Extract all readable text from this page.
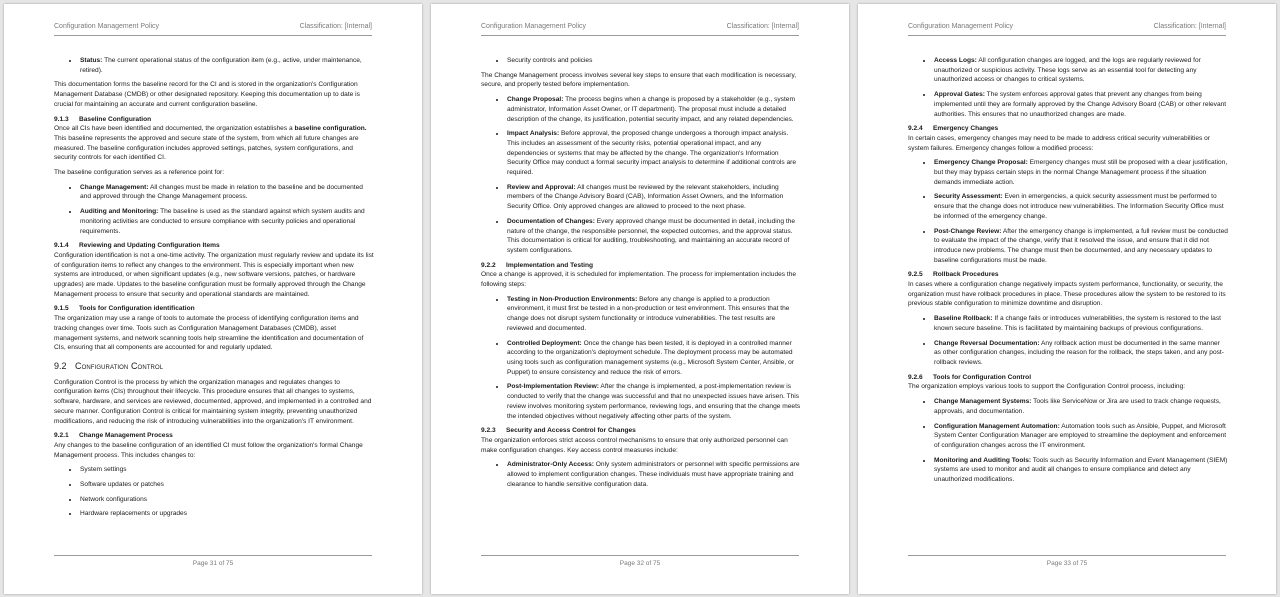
Configuration Management Policy	Classification: [Internal]
• Status: The current operational status of the configuration item (e.g., active, under maintenance, retired).

This documentation forms the baseline record for the CI and is stored in the organization's Configuration Management Database (CMDB) or other designated repository. Keeping this documentation up to date is crucial for maintaining an accurate and current configuration baseline.

9.1.3 Baseline Configuration

Once all CIs have been identified and documented, the organization establishes a baseline configuration. This baseline represents the approved and secure state of the system, from which all future changes are measured. The baseline configuration includes approved settings, patches, system configurations, and security controls for each identified CI.

The baseline configuration serves as a reference point for:

• Change Management: All changes must be made in relation to the baseline and be documented and approved through the Change Management process.
• Auditing and Monitoring: The baseline is used as the standard against which system audits and monitoring activities are conducted to ensure compliance with security policies and operational requirements.
9.1.4 Reviewing and Updating Configuration Items

Configuration identification is not a one-time activity. The organization must regularly review and update its list of configuration items to reflect any changes to the environment. This is especially important when new systems are introduced, or when significant updates (e.g., new software versions, patches, or hardware upgrades) are made. Updates to the baseline configuration must be formally approved through the Change Management process to ensure that security and operational standards are maintained.

9.1.5 Tools for Configuration identification

The organization may use a range of tools to automate the process of identifying configuration items and tracking changes over time. Tools such as Configuration Management Databases (CMDB), asset management systems, and network scanning tools help streamline the identification and documentation of CIs, ensuring that all components are accounted for and regularly updated.

9.2 Configuration Control

Configuration Control is the process by which the organization manages and regulates changes to configuration items (CIs) throughout their lifecycle. This procedure ensures that all changes to systems, software, hardware, and services are reviewed, documented, approved, and implemented in a controlled and secure manner. Configuration Control is critical for maintaining system integrity, preventing unauthorized modifications, and reducing the risk of introducing vulnerabilities into the organization's IT environment.

9.2.1 Change Management Process

Any changes to the baseline configuration of an identified CI must follow the organization's formal Change Management process. This includes changes to:

• System settings
• Software updates or patches
• Network configurations
• Hardware replacements or upgrades
Page 31 of 75
Configuration Management Policy	Classification: [Internal]
• Security controls and policies

The Change Management process involves several key steps to ensure that each modification is necessary, secure, and properly tested before implementation.

• Change Proposal: The process begins when a change is proposed by a stakeholder (e.g., system administrator, Information Asset Owner, or IT department). The proposal must include a detailed description of the change, its justification, potential security impact, and any related dependencies.
• Impact Analysis: Before approval, the proposed change undergoes a thorough impact analysis. This includes an assessment of the security risks, potential operational impact, and any dependencies or systems that may be affected by the change. The organization's Information Security Office may conduct a formal security impact analysis to determine if additional controls are required.
• Review and Approval: All changes must be reviewed by the relevant stakeholders, including members of the Change Advisory Board (CAB), Information Asset Owners, and the Information Security Office. Only approved changes are allowed to proceed to the next phase.
• Documentation of Changes: Every approved change must be documented in detail, including the nature of the change, the responsible personnel, the expected outcomes, and the approval status. This documentation is critical for auditing, troubleshooting, and maintaining an accurate record of system configurations.
9.2.2 Implementation and Testing

Once a change is approved, it is scheduled for implementation. The process for implementation includes the following steps:

• Testing in Non-Production Environments: Before any change is applied to a production environment, it must first be tested in a non-production or test environment. This ensures that the change does not disrupt system functionality or introduce vulnerabilities. The test results are reviewed and documented.
• Controlled Deployment: Once the change has been tested, it is deployed in a controlled manner according to the organization's deployment schedule. The deployment process may be automated using tools such as configuration management systems (e.g., Microsoft System Center, Ansible, or Puppet) to ensure consistency and reduce the risk of errors.
• Post-Implementation Review: After the change is implemented, a post-implementation review is conducted to verify that the change was successful and that no unexpected issues have arisen. This review involves monitoring system performance, reviewing logs, and ensuring that the change meets the intended objectives without negatively affecting other parts of the system.
9.2.3 Security and Access Control for Changes

The organization enforces strict access control mechanisms to ensure that only authorized personnel can make configuration changes. Key access control measures include:

• Administrator-Only Access: Only system administrators or personnel with specific permissions are allowed to implement configuration changes. These individuals must have appropriate training and clearance to handle sensitive configuration data.
Page 32 of 75
Configuration Management Policy	Classification: [Internal]
• Access Logs: All configuration changes are logged, and the logs are regularly reviewed for unauthorized or suspicious activity. These logs serve as an essential tool for detecting any unauthorized access or changes to critical systems.
• Approval Gates: The system enforces approval gates that prevent any changes from being implemented until they are formally approved by the Change Advisory Board (CAB) or other relevant authorities. This ensures that no unauthorized changes are made.
9.2.4 Emergency Changes

In certain cases, emergency changes may need to be made to address critical security vulnerabilities or system failures. Emergency changes follow a modified process:

• Emergency Change Proposal: Emergency changes must still be proposed with a clear justification, but they may bypass certain steps in the normal Change Management process if the situation demands immediate action.
• Security Assessment: Even in emergencies, a quick security assessment must be performed to ensure that the change does not introduce new vulnerabilities. The Information Security Office must be informed of the emergency change.
• Post-Change Review: After the emergency change is implemented, a full review must be conducted to evaluate the impact of the change, verify that it resolved the issue, and ensure that it did not introduce new problems. The change must then be documented, and any necessary updates to baseline configurations must be made.
9.2.5 Rollback Procedures

In cases where a configuration change negatively impacts system performance, functionality, or security, the organization must have rollback procedures in place. These procedures allow the system to be restored to its previous stable configuration to minimize downtime and disruption.

• Baseline Rollback: If a change fails or introduces vulnerabilities, the system is restored to the last known secure baseline. This is facilitated by maintaining backups of previous configurations.
• Change Reversal Documentation: Any rollback action must be documented in the same manner as other configuration changes, including the reason for the rollback, the steps taken, and any post-rollback reviews.
9.2.6 Tools for Configuration Control

The organization employs various tools to support the Configuration Control process, including:

• Change Management Systems: Tools like ServiceNow or Jira are used to track change requests, approvals, and documentation.
• Configuration Management Automation: Automation tools such as Ansible, Puppet, and Microsoft System Center Configuration Manager are employed to streamline the deployment and enforcement of configuration changes across the IT environment.
• Monitoring and Auditing Tools: Tools such as Security Information and Event Management (SIEM) systems are used to monitor and audit all changes to ensure compliance and detect any unauthorized modifications.
Page 33 of 75
